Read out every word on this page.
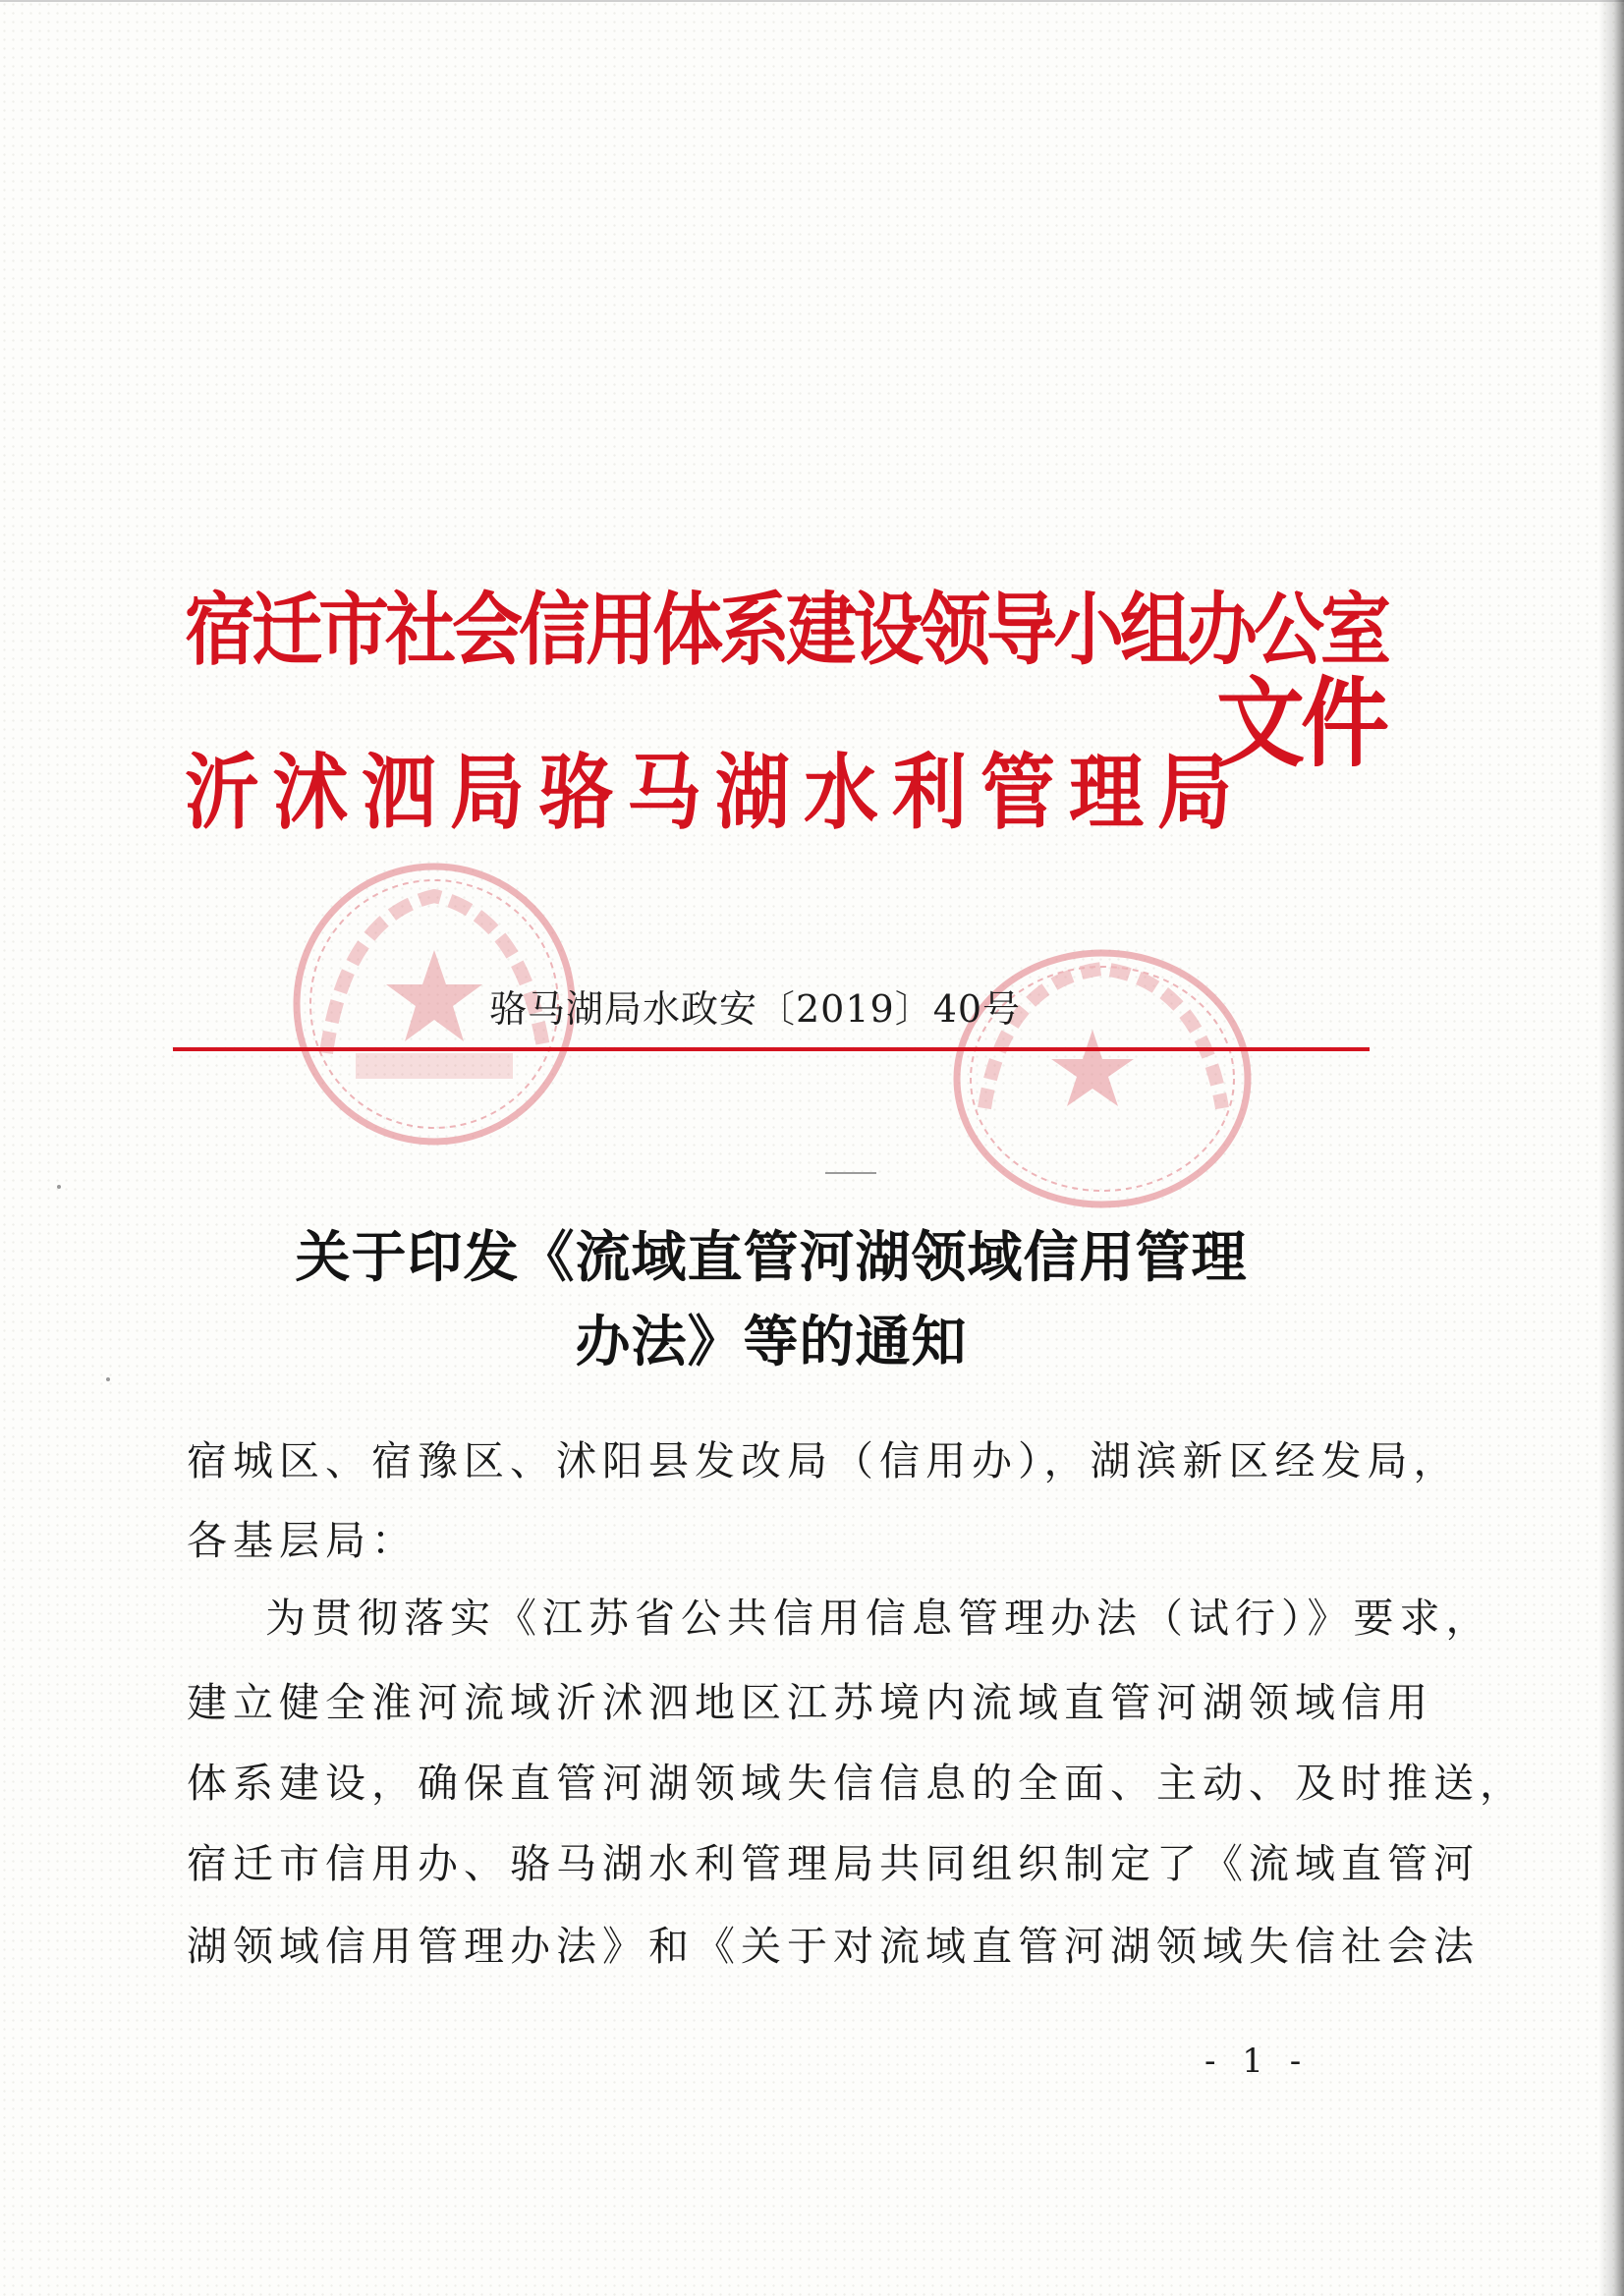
宿迁市社会信用体系建设领导小组办公室
沂沭泗局骆马湖水利管理局
文件
骆马湖局水政安〔2019〕40号
关于印发《流域直管河湖领域信用管理
办法》等的通知
宿城区、宿豫区、沭阳县发改局（信用办），湖滨新区经发局，
各基层局：
为贯彻落实《江苏省公共信用信息管理办法（试行）》要求，
建立健全淮河流域沂沭泗地区江苏境内流域直管河湖领域信用
体系建设，确保直管河湖领域失信信息的全面、主动、及时推送，
宿迁市信用办、骆马湖水利管理局共同组织制定了《流域直管河
湖领域信用管理办法》和《关于对流域直管河湖领域失信社会法
- 1 -
